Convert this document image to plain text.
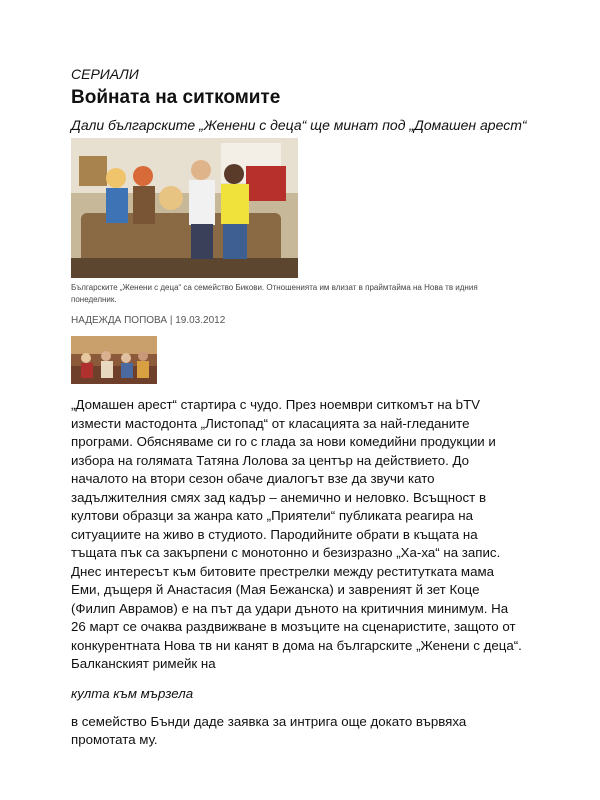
СЕРИАЛИ
Войната на ситкомите
Дали българските „Женени с деца“ ще минат под „Домашен арест“
Българските „Женени с деца“ са семейство Бикови. Отношенията им влизат в праймтайма на Нова тв идния понеделник.
НАДЕЖДА ПОПОВА | 19.03.2012

„Домашен арест“ стартира с чудо. През ноември ситкомът на bTV измести мастодонта „Листопад“ от класацията за най-гледаните програми. Обясняваме си го с глада за нови комедийни продукции и избора на голямата Татяна Лолова за център на действието. До началото на втори сезон обаче диалогът взе да звучи като задължителния смях зад кадър – анемично и неловко. Всъщност в култови образци за жанра като „Приятели“ публиката реагира на ситуациите на живо в студиото. Пародийните обрати в къщата на тъщата пък са закърпени с монотонно и безизразно „Ха-ха“ на запис. Днес интересът към битовите престрелки между реститутката мама Еми, дъщеря й Анастасия (Мая Бежанска) и завреният й зет Коце (Филип Аврамов) е на път да удари дъното на критичния минимум. На 26 март се очаква раздвижване в мозъците на сценаристите, защото от конкурентната Нова тв ни канят в дома на българските „Женени с деца“. Балканският римейк на

култа към мързела

в семейство Бънди даде заявка за интрига още докато вървяха промотата му.
